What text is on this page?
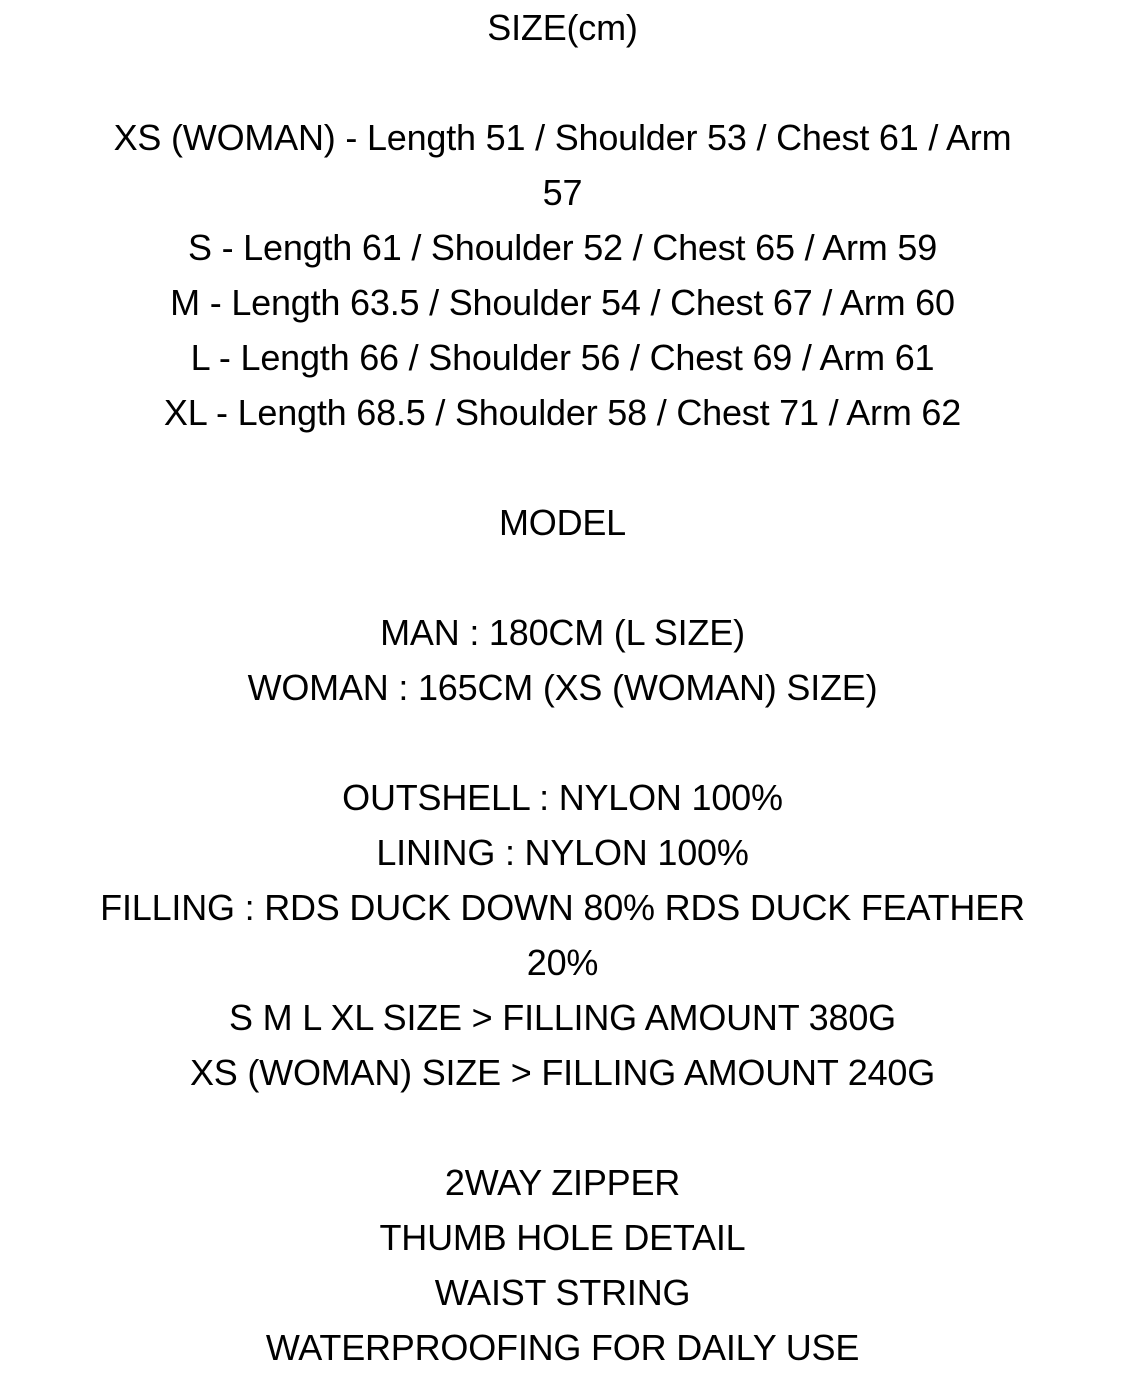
SIZE(cm)
XS (WOMAN) - Length 51 / Shoulder 53 / Chest 61 / Arm
57
S - Length 61 / Shoulder 52 / Chest 65 / Arm 59
M - Length 63.5 / Shoulder 54 / Chest 67 / Arm 60
L - Length 66 / Shoulder 56 / Chest 69 / Arm 61
XL - Length 68.5 / Shoulder 58 / Chest 71 / Arm 62
MODEL
MAN : 180CM (L SIZE)
WOMAN : 165CM (XS (WOMAN) SIZE)
OUTSHELL : NYLON 100%
LINING : NYLON 100%
FILLING : RDS DUCK DOWN 80% RDS DUCK FEATHER
20%
S M L XL SIZE > FILLING AMOUNT 380G
XS (WOMAN) SIZE > FILLING AMOUNT 240G
2WAY ZIPPER
THUMB HOLE DETAIL
WAIST STRING
WATERPROOFING FOR DAILY USE
